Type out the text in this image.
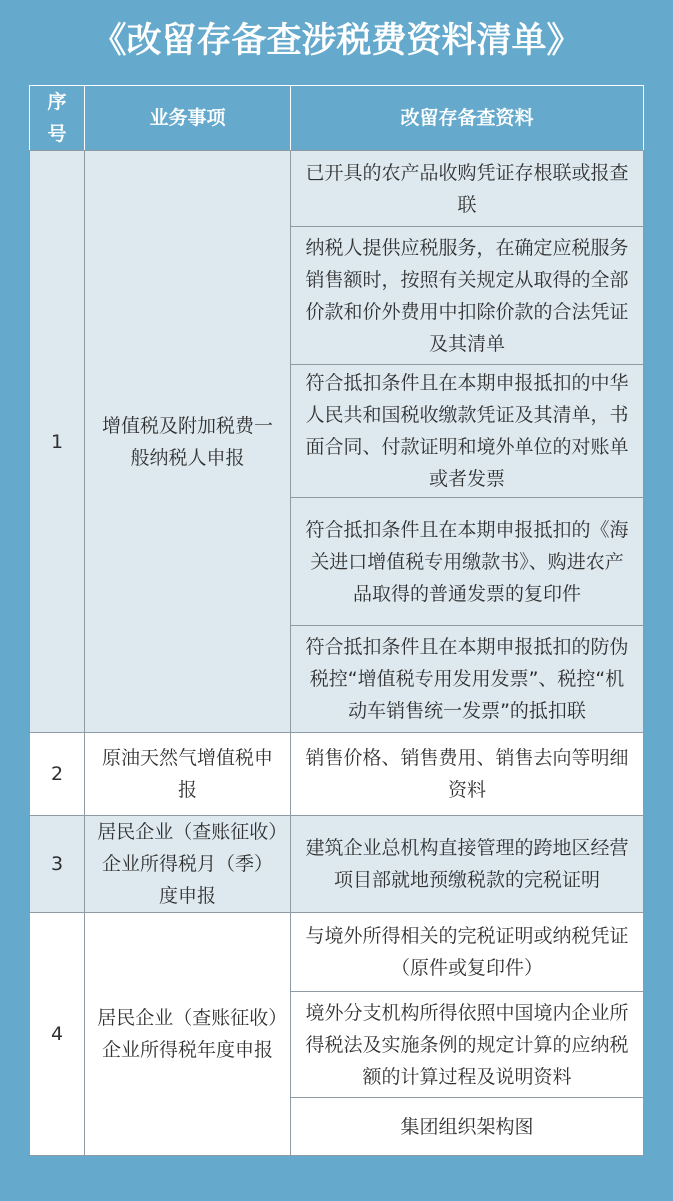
《改留存备查涉税费资料清单》
序号	业务事项	改留存备查资料
1	增值税及附加税费一般纳税人申报	已开具的农产品收购凭证存根联或报查联
		纳税人提供应税服务，在确定应税服务销售额时，按照有关规定从取得的全部价款和价外费用中扣除价款的合法凭证及其清单
		符合抵扣条件且在本期申报抵扣的中华人民共和国税收缴款凭证及其清单，书面合同、付款证明和境外单位的对账单或者发票
		符合抵扣条件且在本期申报抵扣的《海关进口增值税专用缴款书》、购进农产品取得的普通发票的复印件
		符合抵扣条件且在本期申报抵扣的防伪税控“增值税专用发用发票”、税控“机动车销售统一发票”的抵扣联
2	原油天然气增值税申报	销售价格、销售费用、销售去向等明细资料
3	居民企业（查账征收）企业所得税月（季）度申报	建筑企业总机构直接管理的跨地区经营项目部就地预缴税款的完税证明
4	居民企业（查账征收）企业所得税年度申报	与境外所得相关的完税证明或纳税凭证（原件或复印件）
		境外分支机构所得依照中国境内企业所得税法及实施条例的规定计算的应纳税额的计算过程及说明资料
		集团组织架构图
